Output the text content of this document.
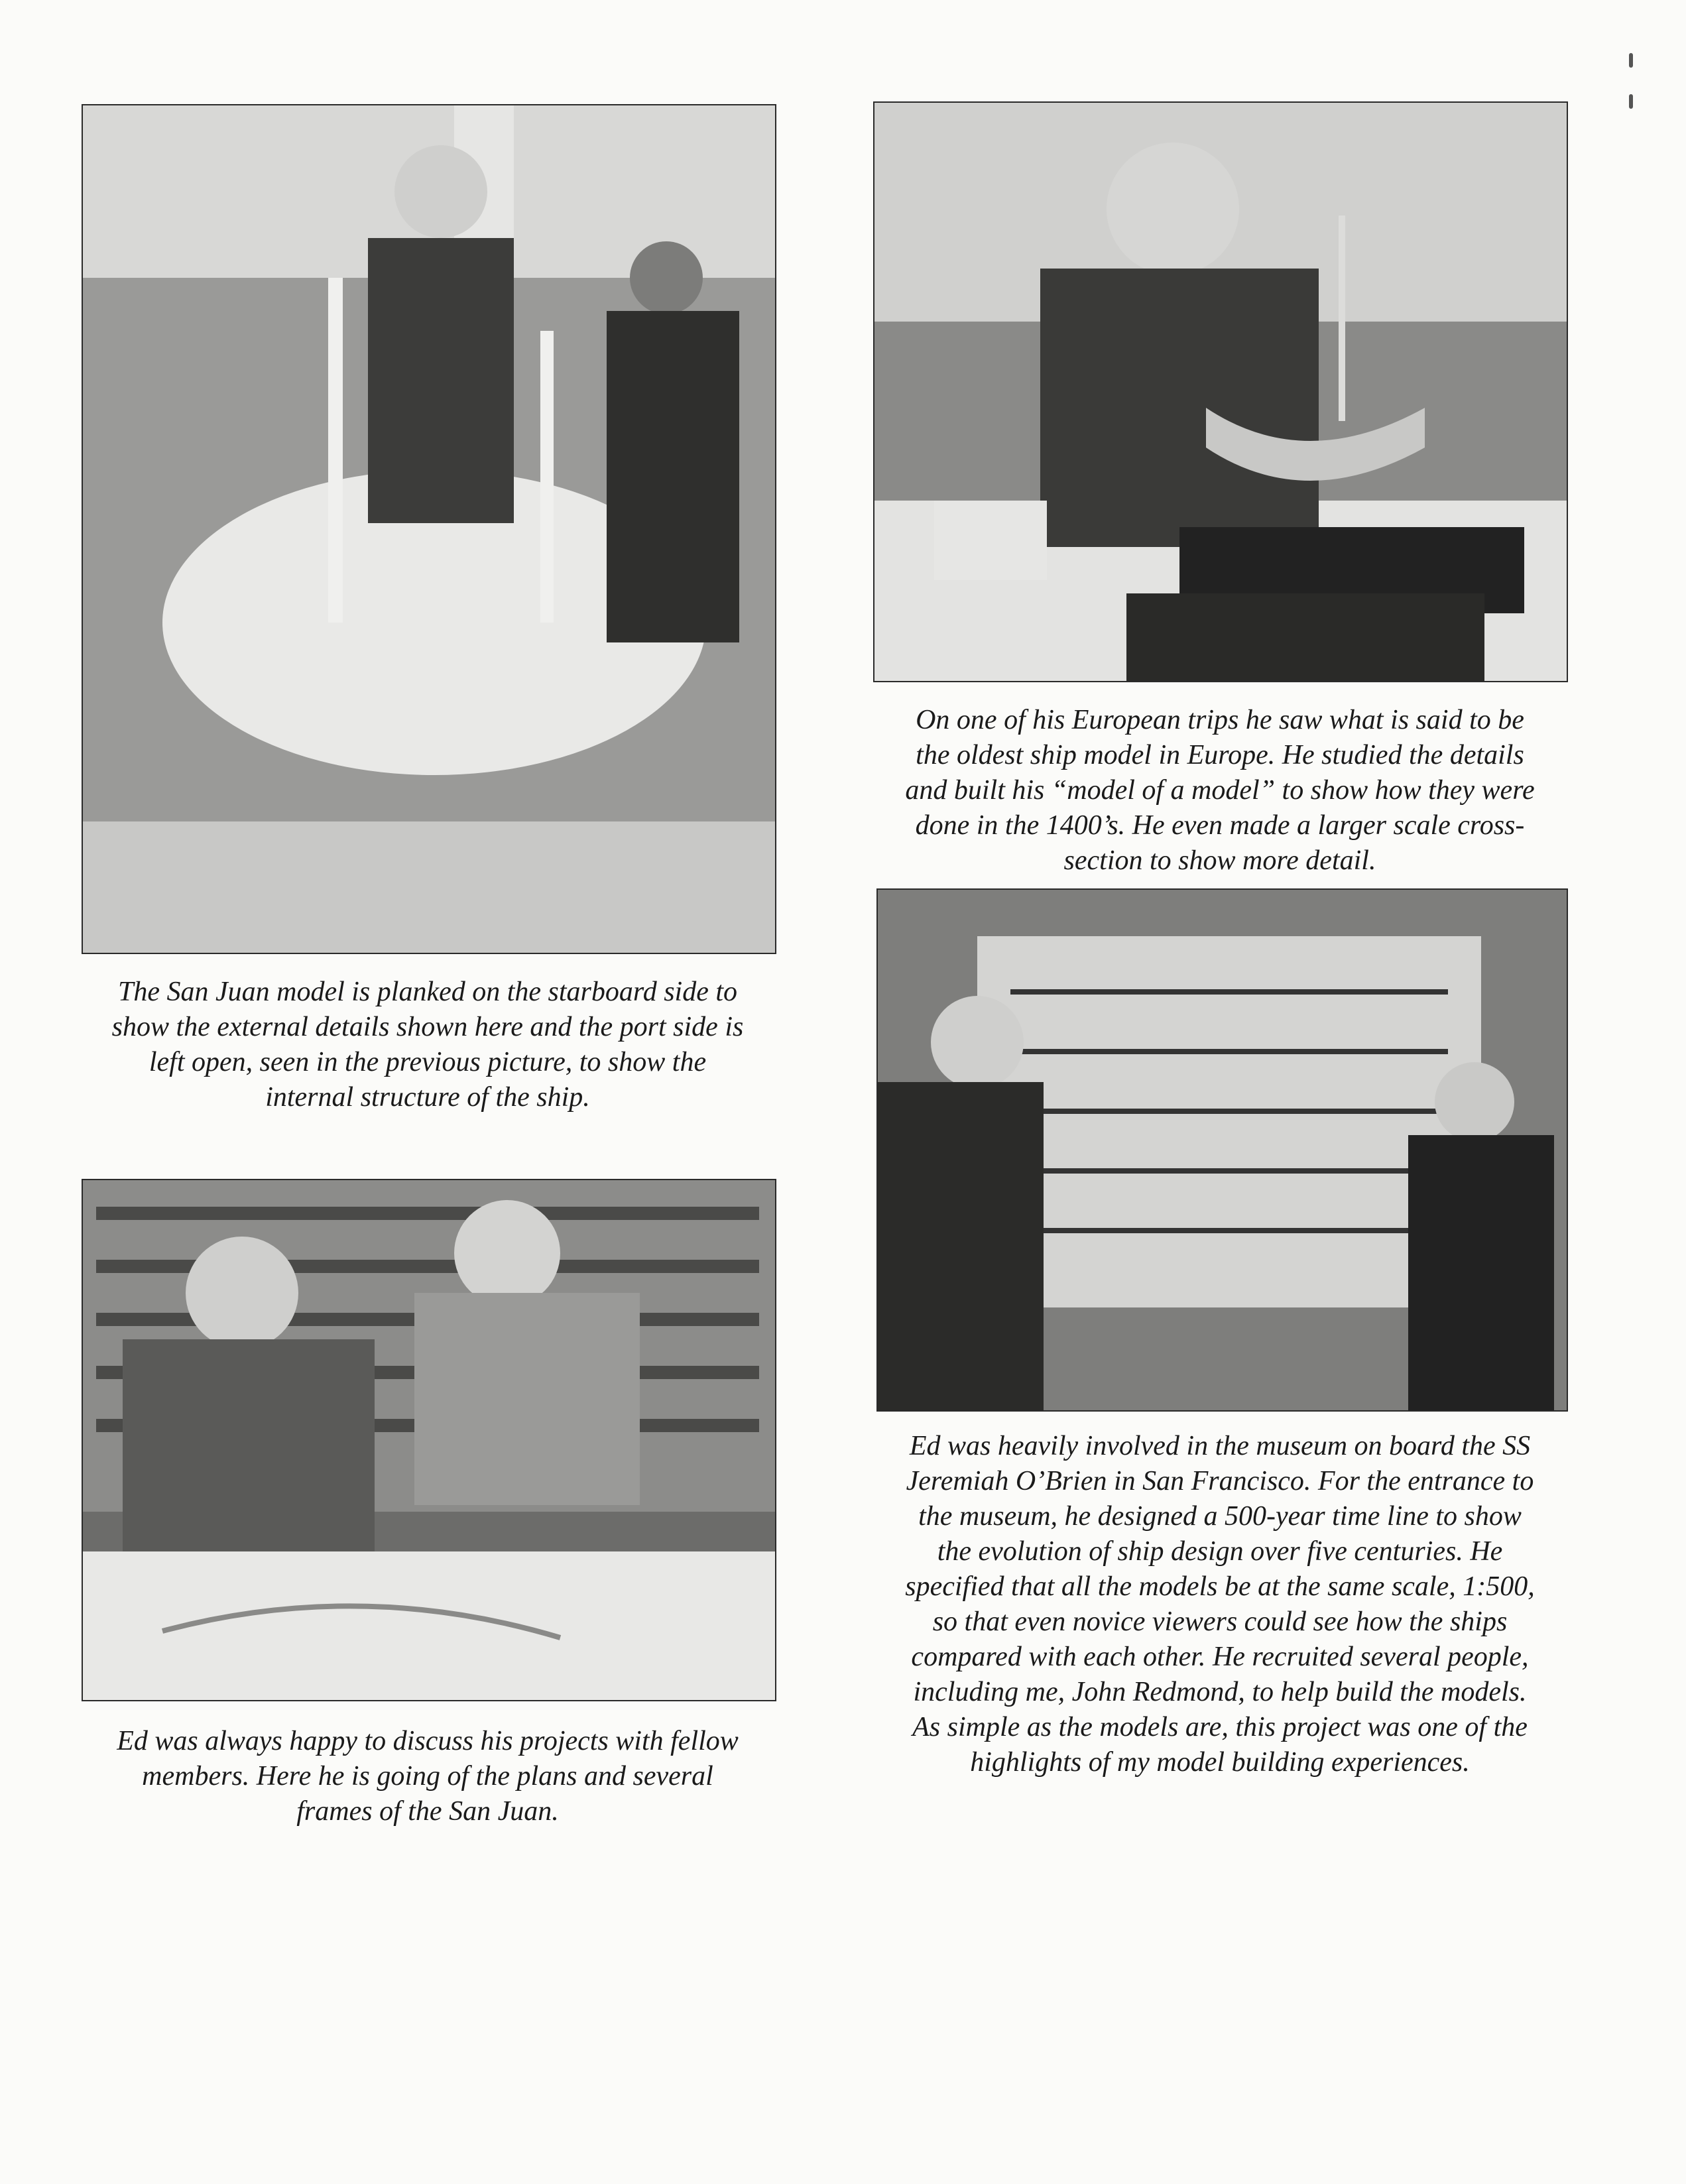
The San Juan model is planked on the starboard side to
show the external details shown here and the port side is
left open, seen in the previous picture, to show the
internal structure of the ship.

On one of his European trips he saw what is said to be
the oldest ship model in Europe. He studied the details
and built his “model of a model” to show how they were
done in the 1400’s. He even made a larger scale cross-
section to show more detail.

Ed was always happy to discuss his projects with fellow
members. Here he is going of the plans and several
frames of the San Juan.

Ed was heavily involved in the museum on board the SS
Jeremiah O’Brien in San Francisco. For the entrance to
the museum, he designed a 500-year time line to show
the evolution of ship design over five centuries. He
specified that all the models be at the same scale, 1:500,
so that even novice viewers could see how the ships
compared with each other. He recruited several people,
including me, John Redmond, to help build the models.
As simple as the models are, this project was one of the
highlights of my model building experiences.
